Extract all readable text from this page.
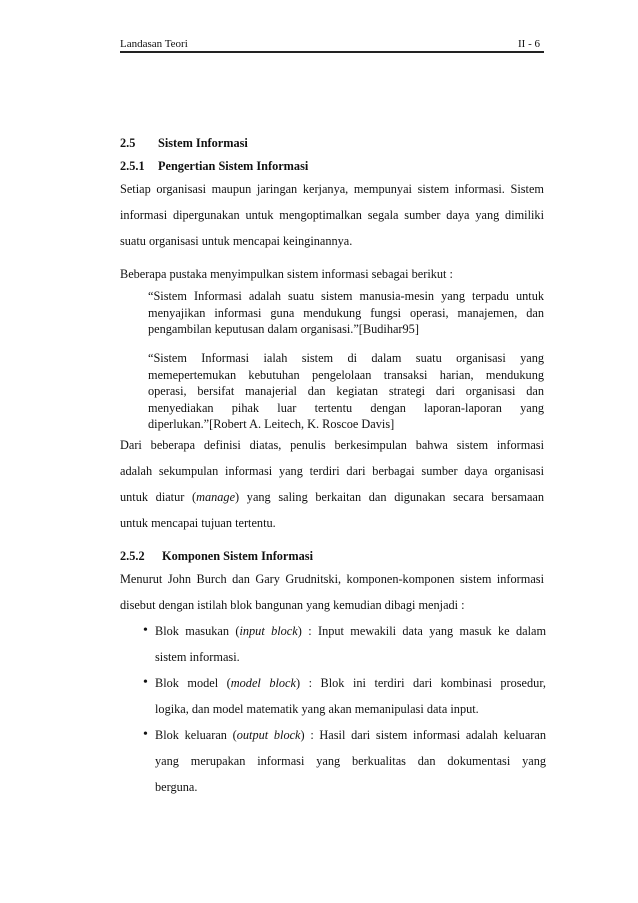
Landasan Teori	II - 6
2.5 Sistem Informasi
2.5.1 Pengertian Sistem Informasi
Setiap organisasi maupun jaringan kerjanya, mempunyai sistem informasi. Sistem
informasi dipergunakan untuk mengoptimalkan segala sumber daya yang dimiliki
suatu organisasi untuk mencapai keinginannya.
Beberapa pustaka menyimpulkan sistem informasi sebagai berikut :
“Sistem Informasi adalah suatu sistem manusia-mesin yang terpadu untuk
menyajikan informasi guna mendukung fungsi operasi, manajemen, dan
pengambilan keputusan dalam organisasi.”[Budihar95]
“Sistem Informasi ialah sistem di dalam suatu organisasi yang
memepertemukan kebutuhan pengelolaan transaksi harian, mendukung
operasi, bersifat manajerial dan kegiatan strategi dari organisasi dan
menyediakan pihak luar tertentu dengan laporan-laporan yang
diperlukan.”[Robert A. Leitech, K. Roscoe Davis]
Dari beberapa definisi diatas, penulis berkesimpulan bahwa sistem informasi
adalah sekumpulan informasi yang terdiri dari berbagai sumber daya organisasi
untuk diatur (manage) yang saling berkaitan dan digunakan secara bersamaan
untuk mencapai tujuan tertentu.
2.5.2 Komponen Sistem Informasi
Menurut John Burch dan Gary Grudnitski, komponen-komponen sistem informasi
disebut dengan istilah blok bangunan yang kemudian dibagi menjadi :
• Blok masukan (input block) : Input mewakili data yang masuk ke dalam
sistem informasi.
• Blok model (model block) : Blok ini terdiri dari kombinasi prosedur,
logika, dan model matematik yang akan memanipulasi data input.
• Blok keluaran (output block) : Hasil dari sistem informasi adalah keluaran
yang merupakan informasi yang berkualitas dan dokumentasi yang
berguna.
